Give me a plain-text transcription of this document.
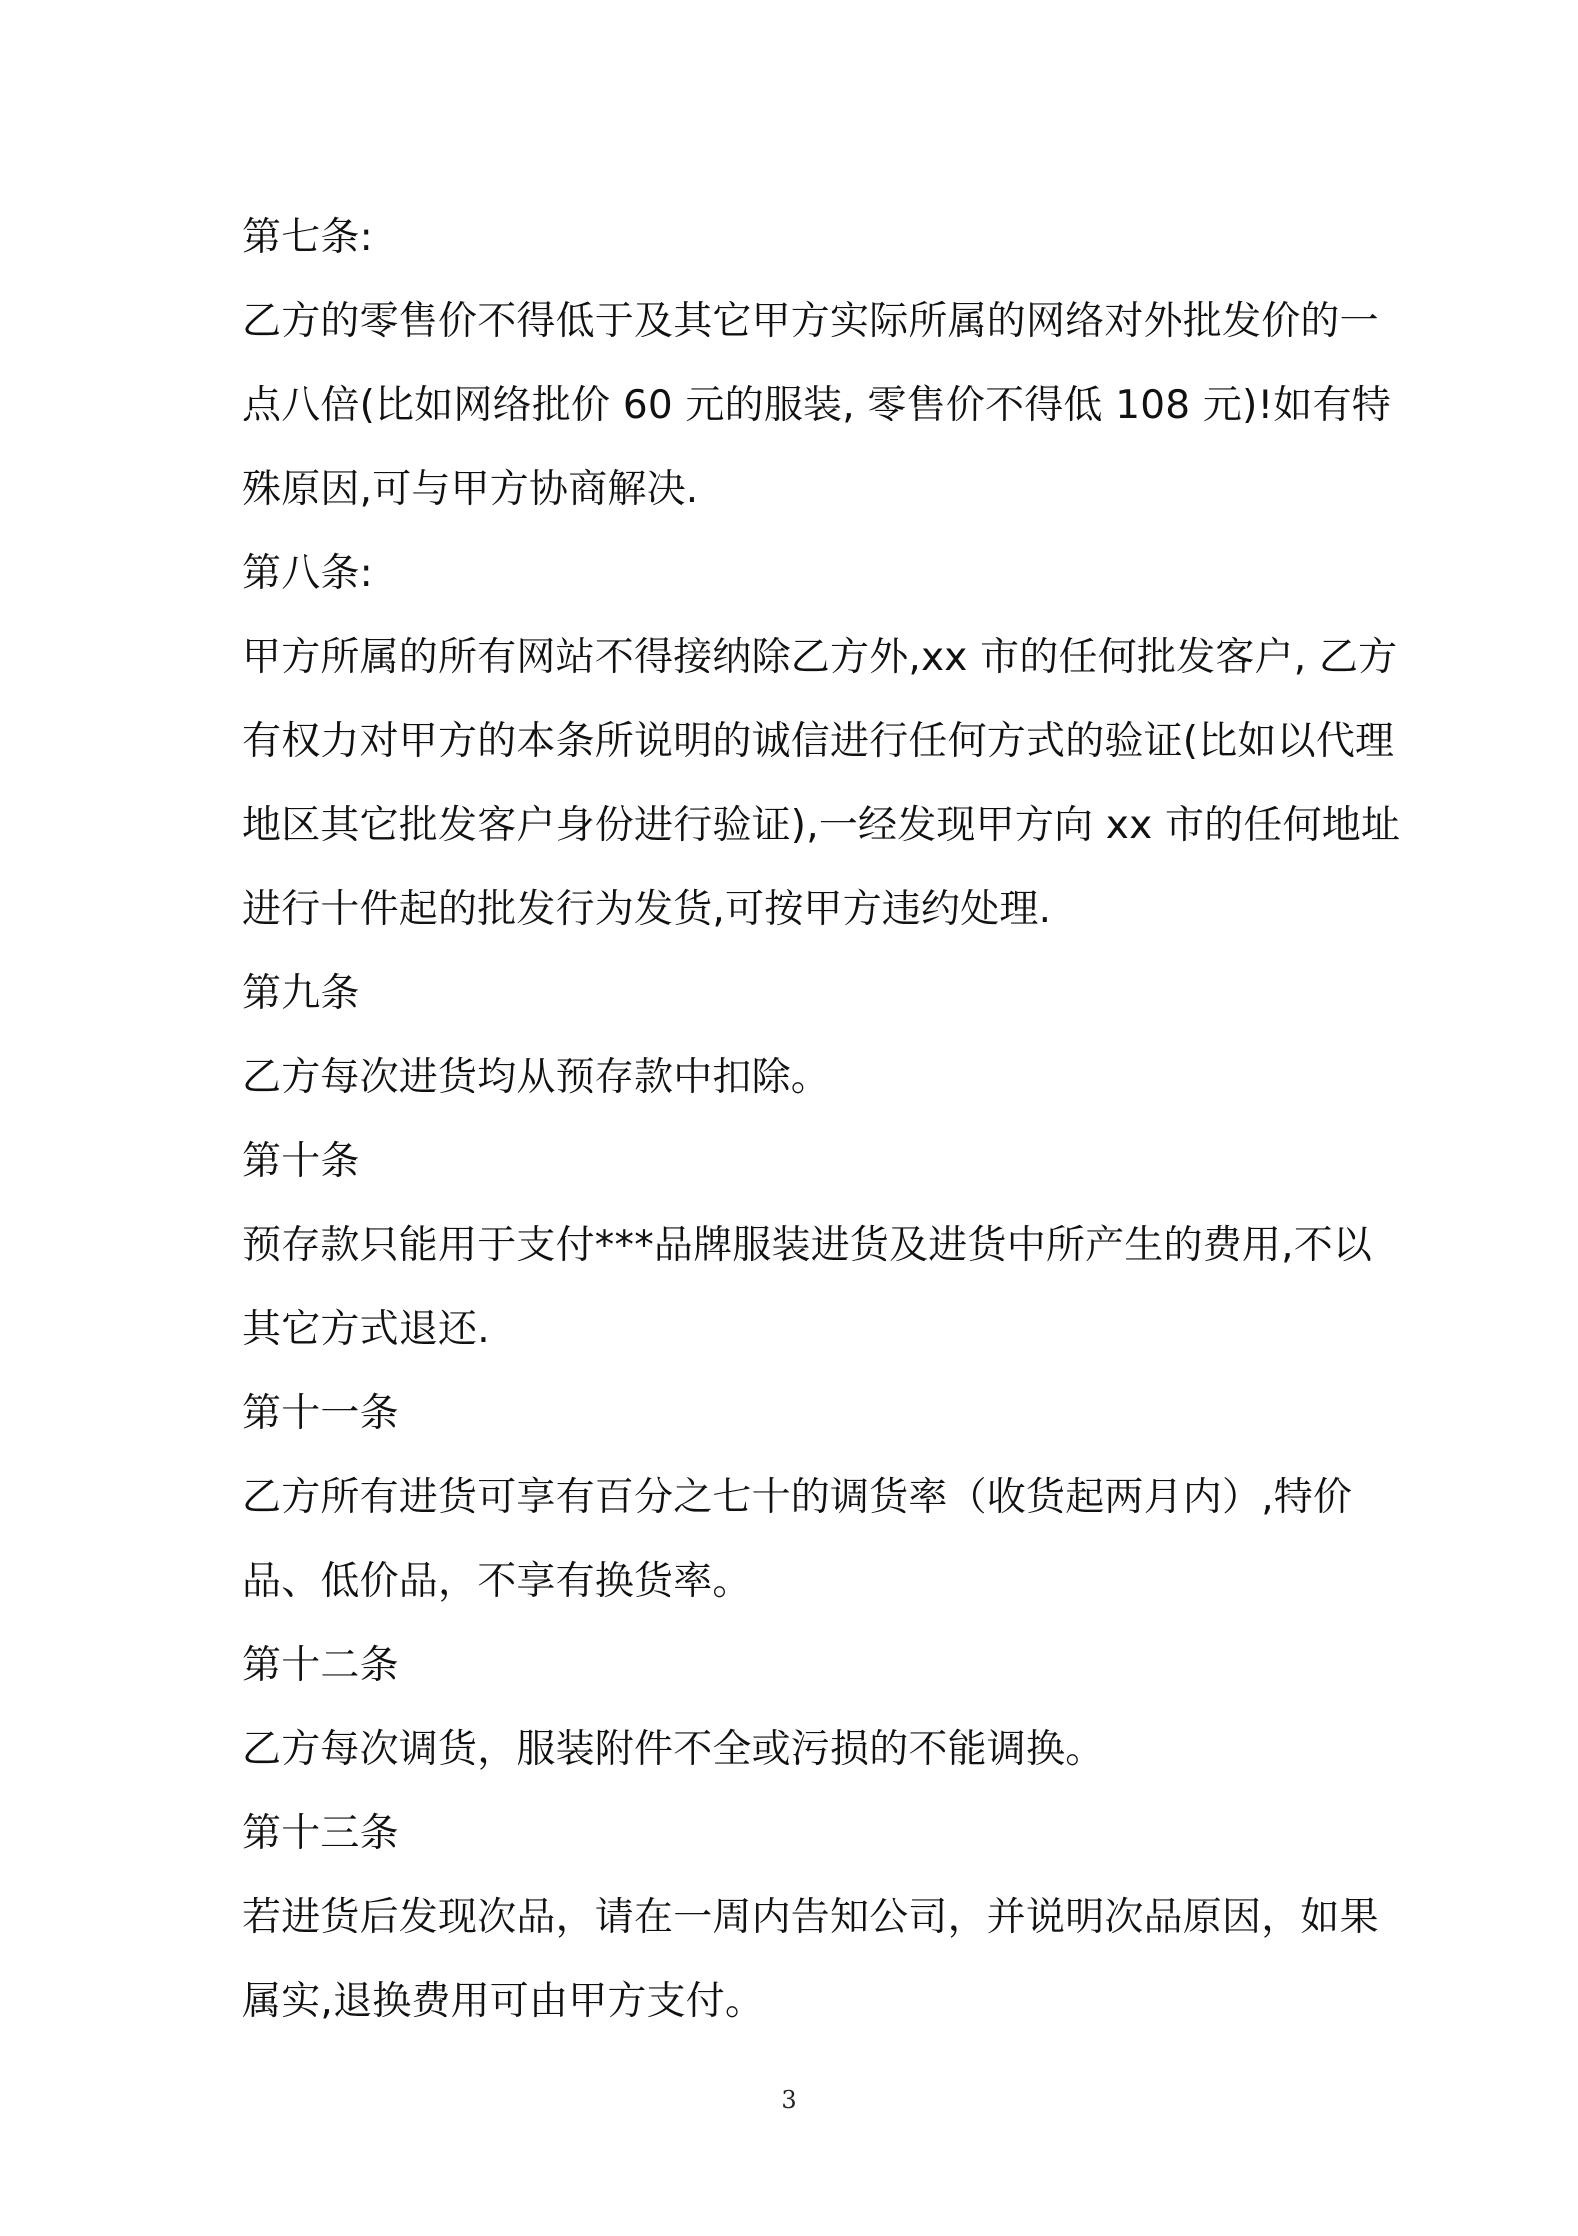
第七条:
乙方的零售价不得低于及其它甲方实际所属的网络对外批发价的一
点八倍(比如网络批价 60 元的服装, 零售价不得低 108 元)!如有特
殊原因,可与甲方协商解决.
第八条:
甲方所属的所有网站不得接纳除乙方外,xx 市的任何批发客户, 乙方
有权力对甲方的本条所说明的诚信进行任何方式的验证(比如以代理
地区其它批发客户身份进行验证),一经发现甲方向 xx 市的任何地址
进行十件起的批发行为发货,可按甲方违约处理.
第九条
乙方每次进货均从预存款中扣除。
第十条
预存款只能用于支付***品牌服装进货及进货中所产生的费用,不以
其它方式退还.
第十一条
乙方所有进货可享有百分之七十的调货率（收货起两月内）,特价
品、低价品，不享有换货率。
第十二条
乙方每次调货，服装附件不全或污损的不能调换。
第十三条
若进货后发现次品，请在一周内告知公司，并说明次品原因，如果
属实,退换费用可由甲方支付。
3
